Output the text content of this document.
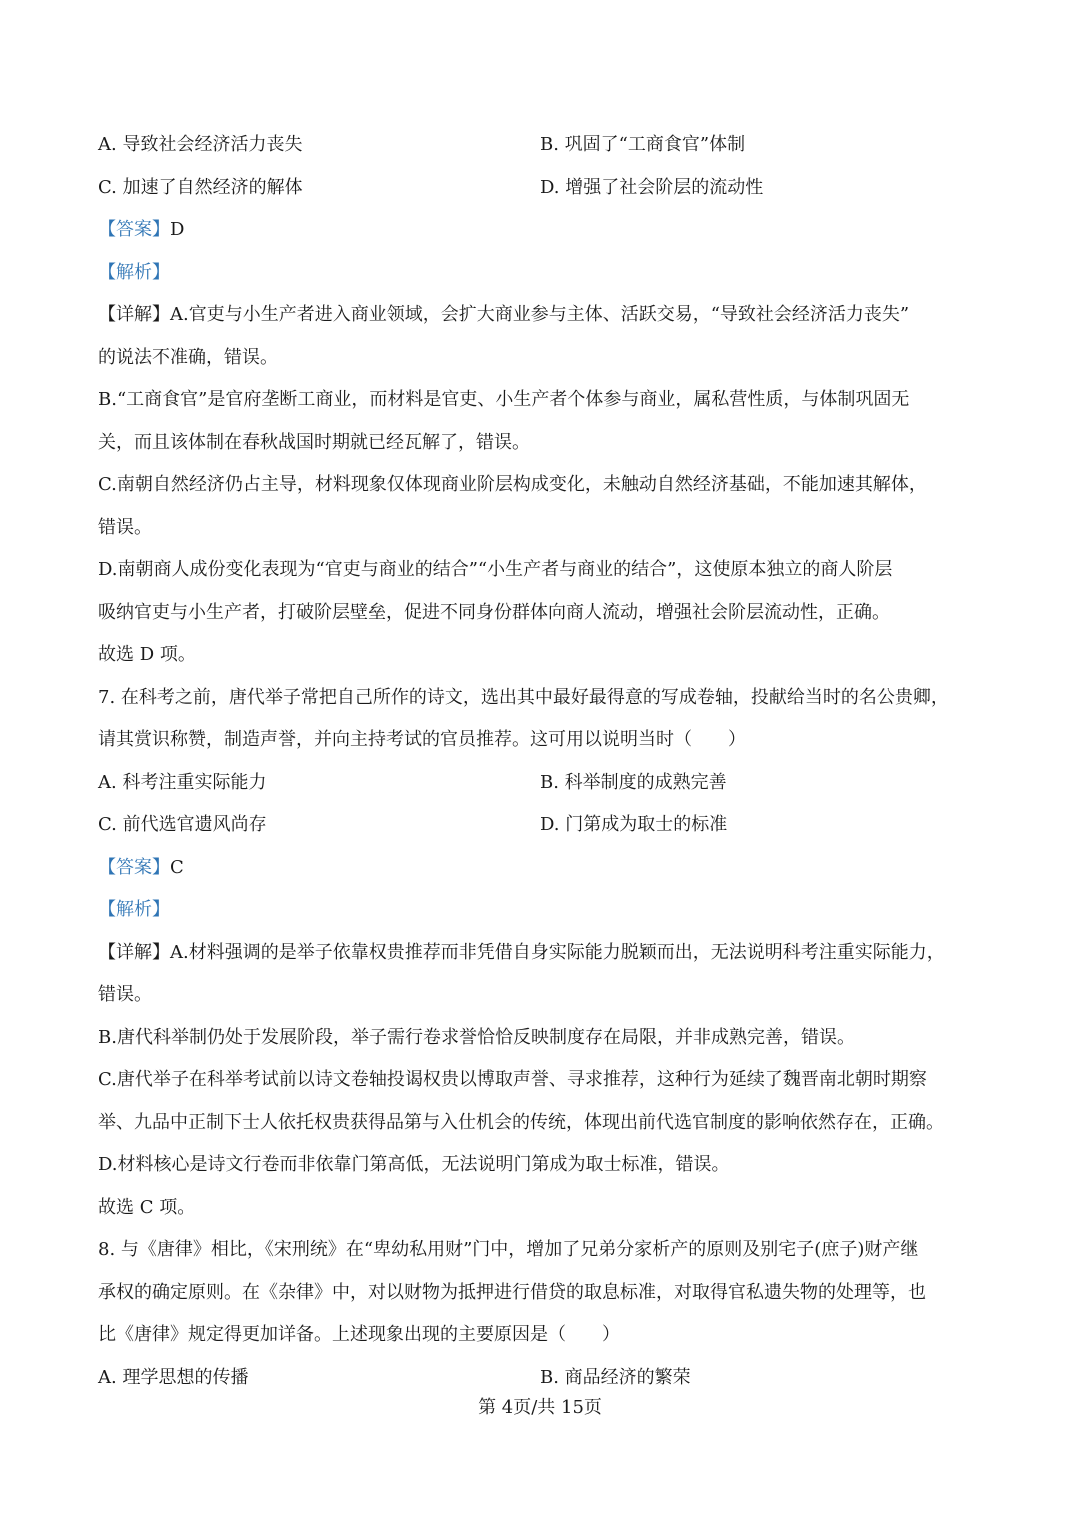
A. 导致社会经济活力丧失	B. 巩固了“工商食官”体制
C. 加速了自然经济的解体	D. 增强了社会阶层的流动性
【答案】D
【解析】
【详解】A.官吏与小生产者进入商业领域，会扩大商业参与主体、活跃交易，“导致社会经济活力丧失”
的说法不准确，错误。
B.“工商食官”是官府垄断工商业，而材料是官吏、小生产者个体参与商业，属私营性质，与体制巩固无
关，而且该体制在春秋战国时期就已经瓦解了，错误。
C.南朝自然经济仍占主导，材料现象仅体现商业阶层构成变化，未触动自然经济基础，不能加速其解体，
错误。
D.南朝商人成份变化表现为“官吏与商业的结合”“小生产者与商业的结合”，这使原本独立的商人阶层
吸纳官吏与小生产者，打破阶层壁垒，促进不同身份群体向商人流动，增强社会阶层流动性，正确。
故选 D 项。
7. 在科考之前，唐代举子常把自己所作的诗文，选出其中最好最得意的写成卷轴，投献给当时的名公贵卿，
请其赏识称赞，制造声誉，并向主持考试的官员推荐。这可用以说明当时（　　）
A. 科考注重实际能力	B. 科举制度的成熟完善
C. 前代选官遗风尚存	D. 门第成为取士的标准
【答案】C
【解析】
【详解】A.材料强调的是举子依靠权贵推荐而非凭借自身实际能力脱颖而出，无法说明科考注重实际能力，
错误。
B.唐代科举制仍处于发展阶段，举子需行卷求誉恰恰反映制度存在局限，并非成熟完善，错误。
C.唐代举子在科举考试前以诗文卷轴投谒权贵以博取声誉、寻求推荐，这种行为延续了魏晋南北朝时期察
举、九品中正制下士人依托权贵获得品第与入仕机会的传统，体现出前代选官制度的影响依然存在，正确。
D.材料核心是诗文行卷而非依靠门第高低，无法说明门第成为取士标准，错误。
故选 C 项。
8. 与《唐律》相比，《宋刑统》在“卑幼私用财”门中，增加了兄弟分家析产的原则及别宅子(庶子)财产继
承权的确定原则。在《杂律》中，对以财物为抵押进行借贷的取息标准，对取得官私遗失物的处理等，也
比《唐律》规定得更加详备。上述现象出现的主要原因是（　　）
A. 理学思想的传播	B. 商品经济的繁荣
第 4页/共 15页
